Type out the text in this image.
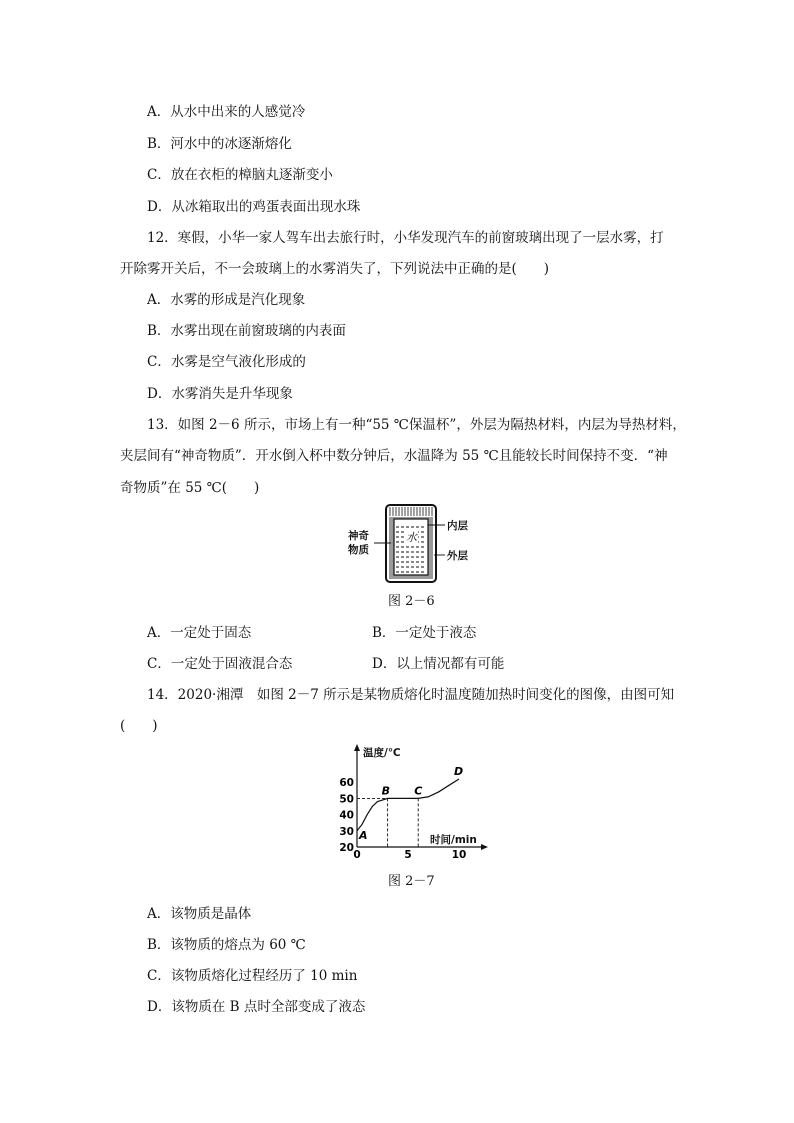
A．从水中出来的人感觉冷
B．河水中的冰逐渐熔化
C．放在衣柜的樟脑丸逐渐变小
D．从冰箱取出的鸡蛋表面出现水珠
12．寒假，小华一家人驾车出去旅行时，小华发现汽车的前窗玻璃出现了一层水雾，打
开除雾开关后，不一会玻璃上的水雾消失了，下列说法中正确的是(　　)
A．水雾的形成是汽化现象
B．水雾出现在前窗玻璃的内表面
C．水雾是空气液化形成的
D．水雾消失是升华现象
13．如图 2－6 所示，市场上有一种“55 ℃保温杯”，外层为隔热材料，内层为导热材料，
夹层间有“神奇物质”．开水倒入杯中数分钟后，水温降为 55 ℃且能较长时间保持不变．“神
奇物质”在 55 ℃(　　)
水
神奇
物质
内层
外层
图 2－6
A．一定处于固态	B．一定处于液态
C．一定处于固液混合态	D．以上情况都有可能
14．2020·湘潭　如图 2－7 所示是某物质熔化时温度随加热时间变化的图像，由图可知
(　　)
温度/℃
时间/min
20
30
40
50
60
0	5	10
A
B C
D
图 2－7
A．该物质是晶体
B．该物质的熔点为 60 ℃
C．该物质熔化过程经历了 10 min
D．该物质在 B 点时全部变成了液态
